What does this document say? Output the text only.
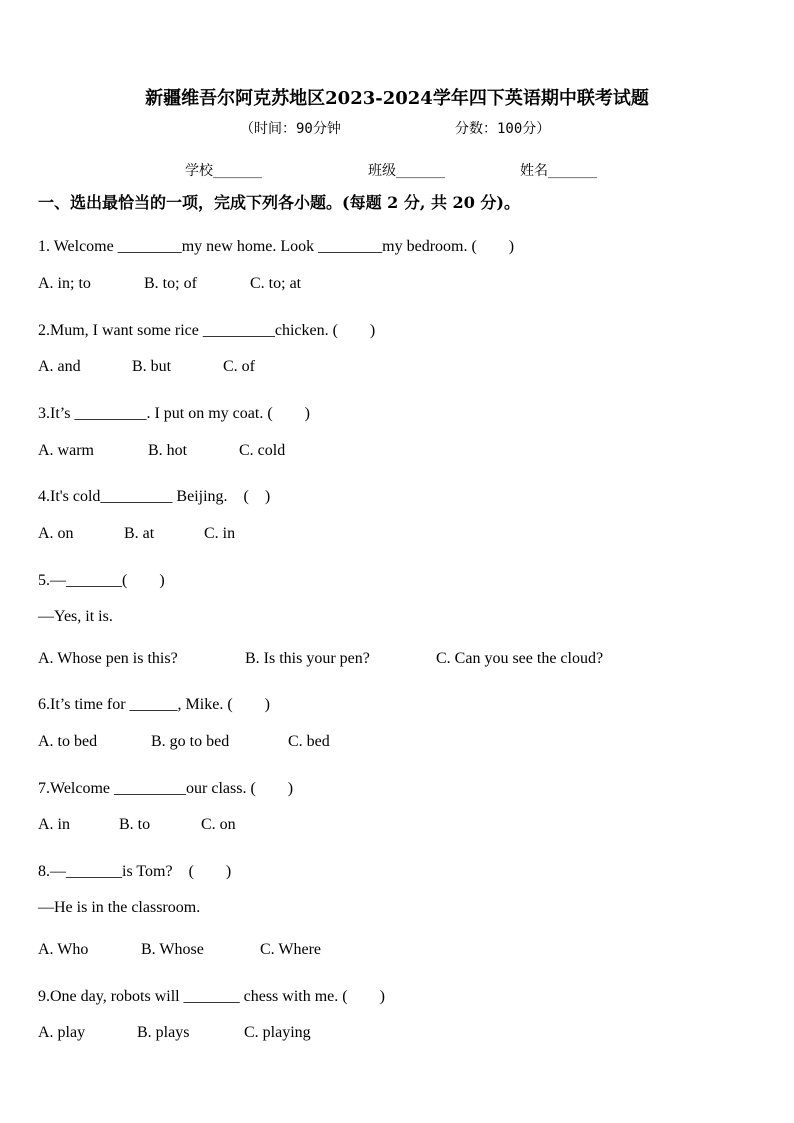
新疆维吾尔阿克苏地区2023-2024学年四下英语期中联考试题
（时间：90分钟	分数：100分）
学校_______	班级_______	姓名_______
一、选出最恰当的一项，完成下列各小题。(每题 2 分, 共 20 分)。
1. Welcome ________my new home. Look ________my bedroom. (　　)
A. in; to	B. to; of	C. to; at
2.Mum, I want some rice _________chicken. (　　)
A. and	B. but	C. of
3.It’s _________. I put on my coat. (　　)
A. warm	B. hot	C. cold
4.It's cold_________ Beijing.　(　)
A. on	B. at	C. in
5.—_______(　　)
—Yes, it is.
A. Whose pen is this?	B. Is this your pen?	C. Can you see the cloud?
6.It’s time for ______, Mike. (　　)
A. to bed	B. go to bed	C. bed
7.Welcome _________our class. (　　)
A. in	B. to	C. on
8.—_______is Tom?　(　　)
—He is in the classroom.
A. Who	B. Whose	C. Where
9.One day, robots will _______ chess with me. (　　)
A. play	B. plays	C. playing
